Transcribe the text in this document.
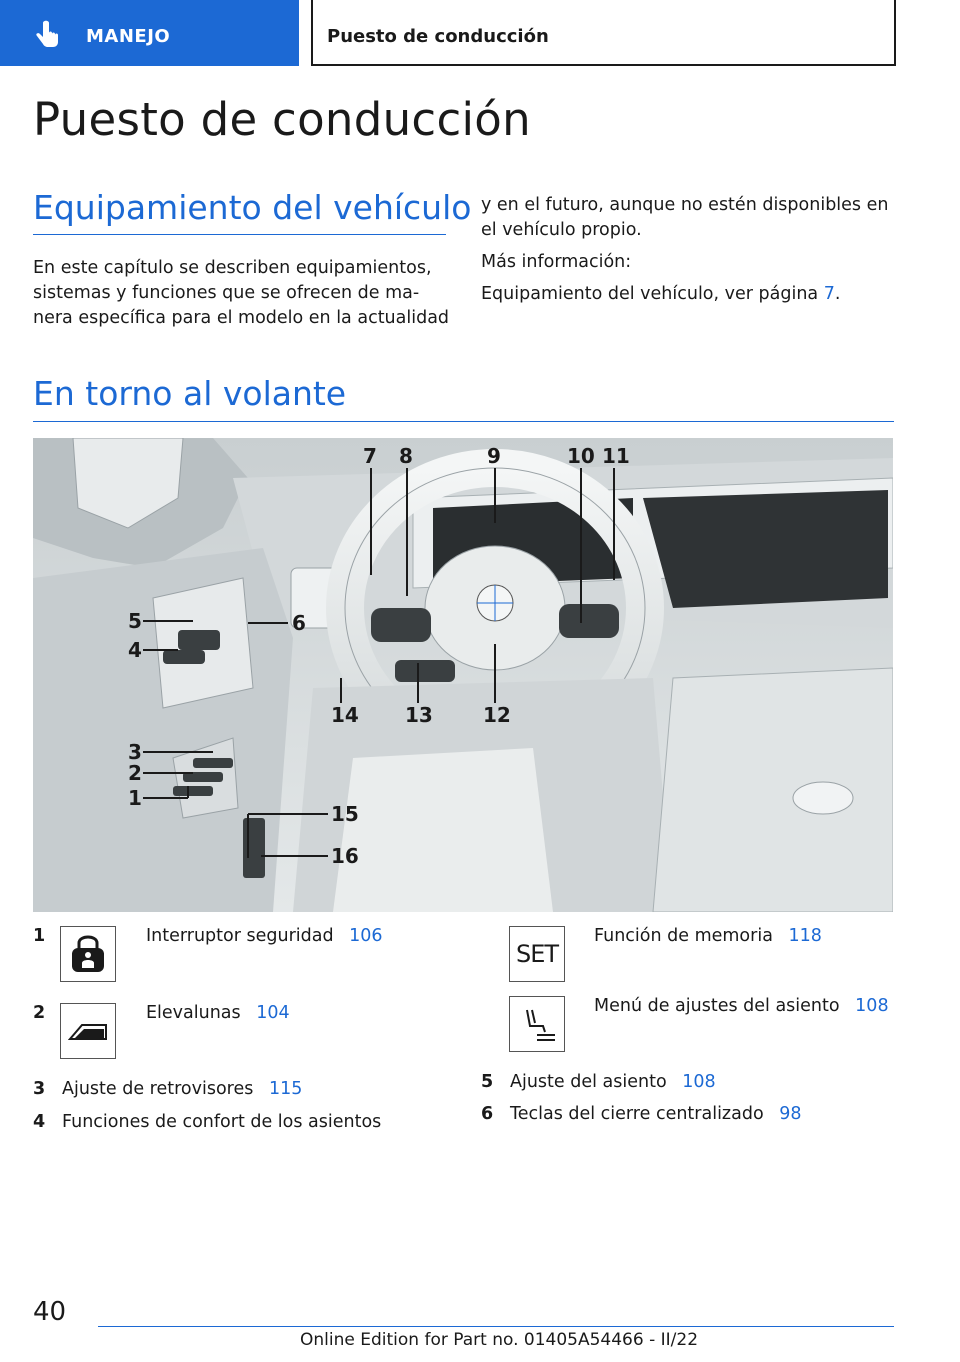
MANEJO	Puesto de conducción
Puesto de conducción
Equipamiento del vehículo
En este capítulo se describen equipamientos,
sistemas y funciones que se ofrecen de ma-
nera específica para el modelo en la actualidad
y en el futuro, aunque no estén disponibles en
el vehículo propio.
Más información:
Equipamiento del vehículo, ver página 7.
En torno al volante
7 8	9	10 11
5
4
6
14 13	12
3
2
1
15
16
1	Interruptor seguridad 106
2	Elevalunas 104
3 Ajuste de retrovisores 115
4 Funciones de confort de los asientos
SET
Función de memoria 118
Menú de ajustes del asiento 108
5 Ajuste del asiento 108
6 Teclas del cierre centralizado 98
40
Online Edition for Part no. 01405A54466 - II/22
